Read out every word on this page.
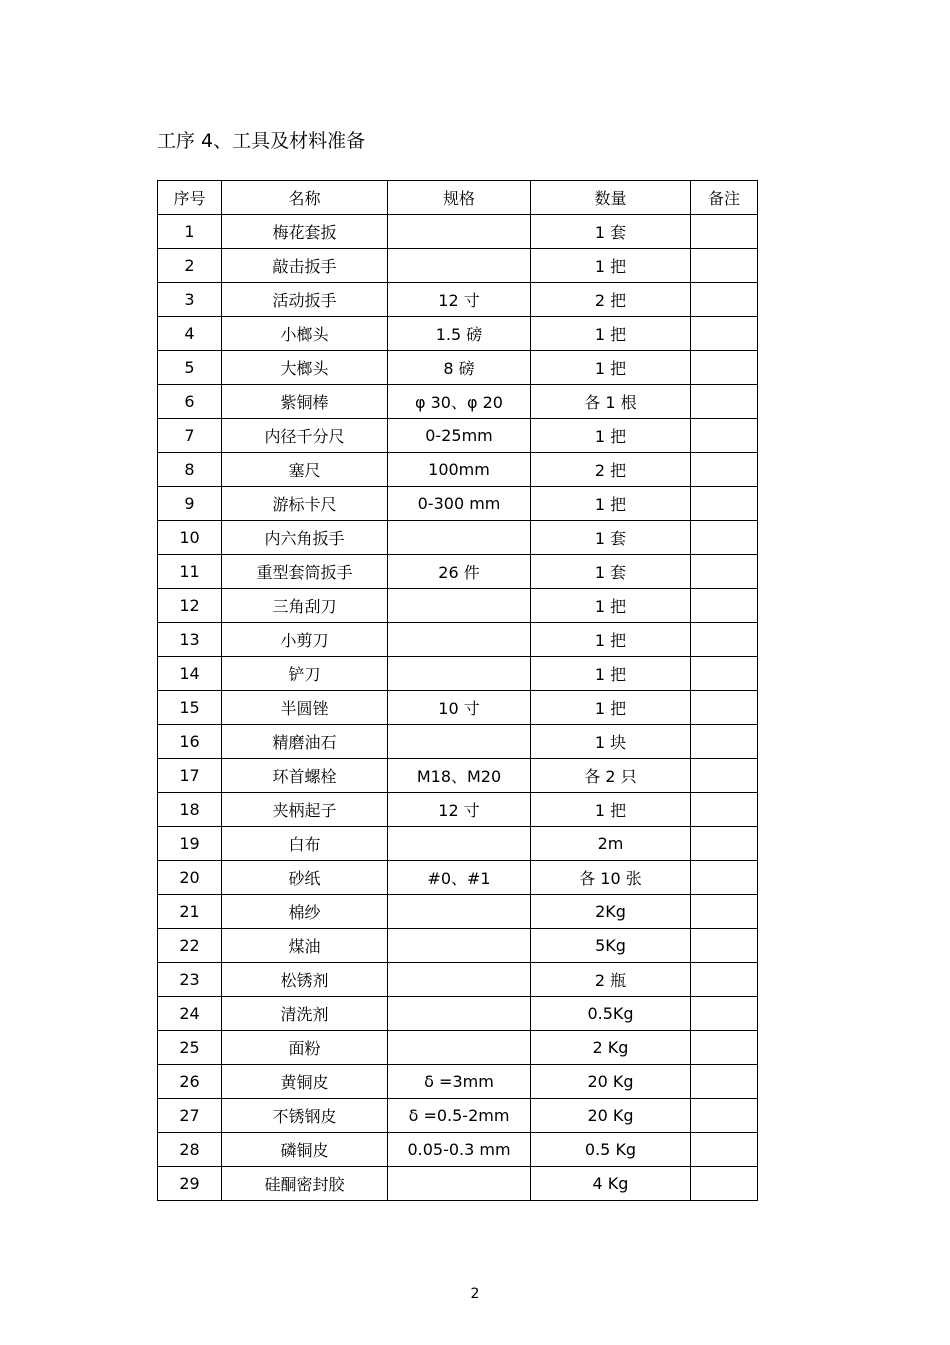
工序 4、工具及材料准备
序号	名称	规格	数量	备注
1	梅花套扳		1 套	
2	敲击扳手		1 把	
3	活动扳手	12 寸	2 把	
4	小榔头	1.5 磅	1 把	
5	大榔头	8 磅	1 把	
6	紫铜棒	φ 30、φ 20	各 1 根	
7	内径千分尺	0-25mm	1 把	
8	塞尺	100mm	2 把	
9	游标卡尺	0-300 mm	1 把	
10	内六角扳手		1 套	
11	重型套筒扳手	26 件	1 套	
12	三角刮刀		1 把	
13	小剪刀		1 把	
14	铲刀		1 把	
15	半圆锉	10 寸	1 把	
16	精磨油石		1 块	
17	环首螺栓	M18、M20	各 2 只	
18	夹柄起子	12 寸	1 把	
19	白布		2m	
20	砂纸	#0、#1	各 10 张	
21	棉纱		2Kg	
22	煤油		5Kg	
23	松锈剂		2 瓶	
24	清洗剂		0.5Kg	
25	面粉		2 Kg	
26	黄铜皮	δ =3mm	20 Kg	
27	不锈钢皮	δ =0.5-2mm	20 Kg	
28	磷铜皮	0.05-0.3 mm	0.5 Kg	
29	硅酮密封胶		4 Kg	
2
